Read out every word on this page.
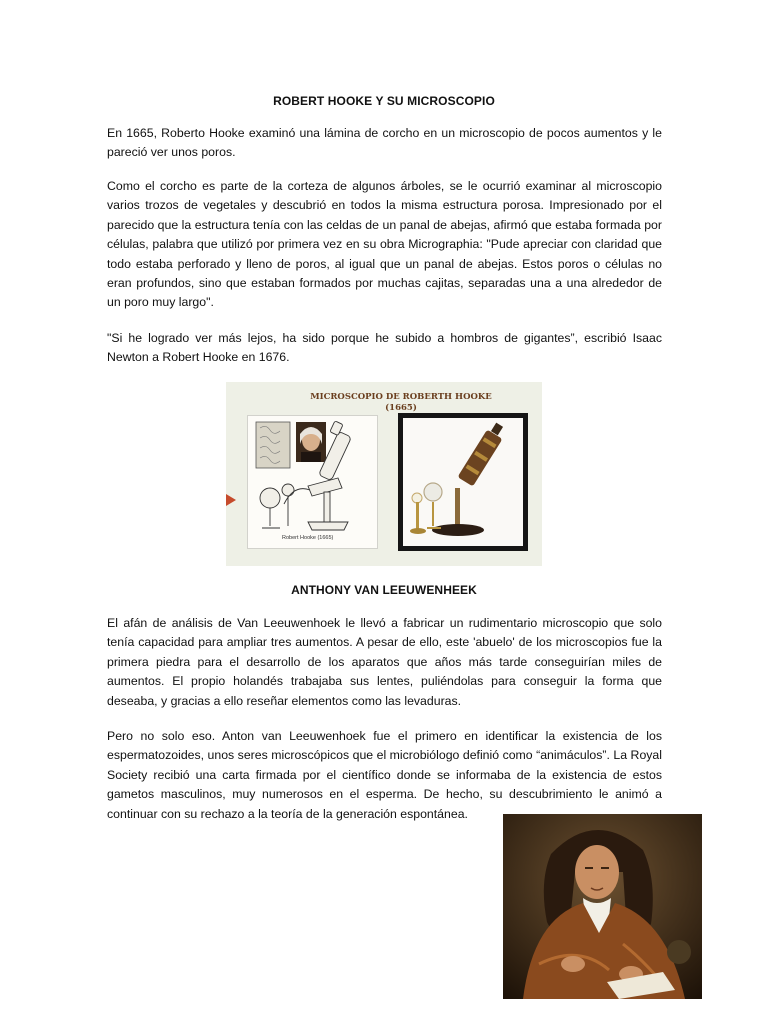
ROBERT HOOKE Y SU MICROSCOPIO

En 1665, Roberto Hooke examinó una lámina de corcho en un microscopio de pocos aumentos y le pareció ver unos poros.

Como el corcho es parte de la corteza de algunos árboles, se le ocurrió examinar al microscopio varios trozos de vegetales y descubrió en todos la misma estructura porosa. Impresionado por el parecido que la estructura tenía con las celdas de un panal de abejas, afirmó que estaba formada por células, palabra que utilizó por primera vez en su obra Micrographia: "Pude apreciar con claridad que todo estaba perforado y lleno de poros, al igual que un panal de abejas. Estos poros o células no eran profundos, sino que estaban formados por muchas cajitas, separadas una a una alrededor de un poro muy largo".

"Si he logrado ver más lejos, ha sido porque he subido a hombros de gigantes”, escribió Isaac Newton a Robert Hooke en 1676.

MICROSCOPIO DE ROBERTH HOOKE
(1665)
Robert Hooke (1665)
ANTHONY VAN LEEUWENHEEK

El afán de análisis de Van Leeuwenhoek le llevó a fabricar un rudimentario microscopio que solo tenía capacidad para ampliar tres aumentos. A pesar de ello, este 'abuelo' de los microscopios fue la primera piedra para el desarrollo de los aparatos que años más tarde conseguirían miles de aumentos. El propio holandés trabajaba sus lentes, puliéndolas para conseguir la forma que deseaba, y gracias a ello reseñar elementos como las levaduras.

Pero no solo eso. Anton van Leeuwenhoek fue el primero en identificar la existencia de los espermatozoides, unos seres microscópicos que el microbiólogo definió como “animáculos”. La Royal Society recibió una carta firmada por el científico donde se informaba de la existencia de estos gametos masculinos, muy numerosos en el esperma. De hecho, su descubrimiento le animó a continuar con su rechazo a la teoría de la generación espontánea.
